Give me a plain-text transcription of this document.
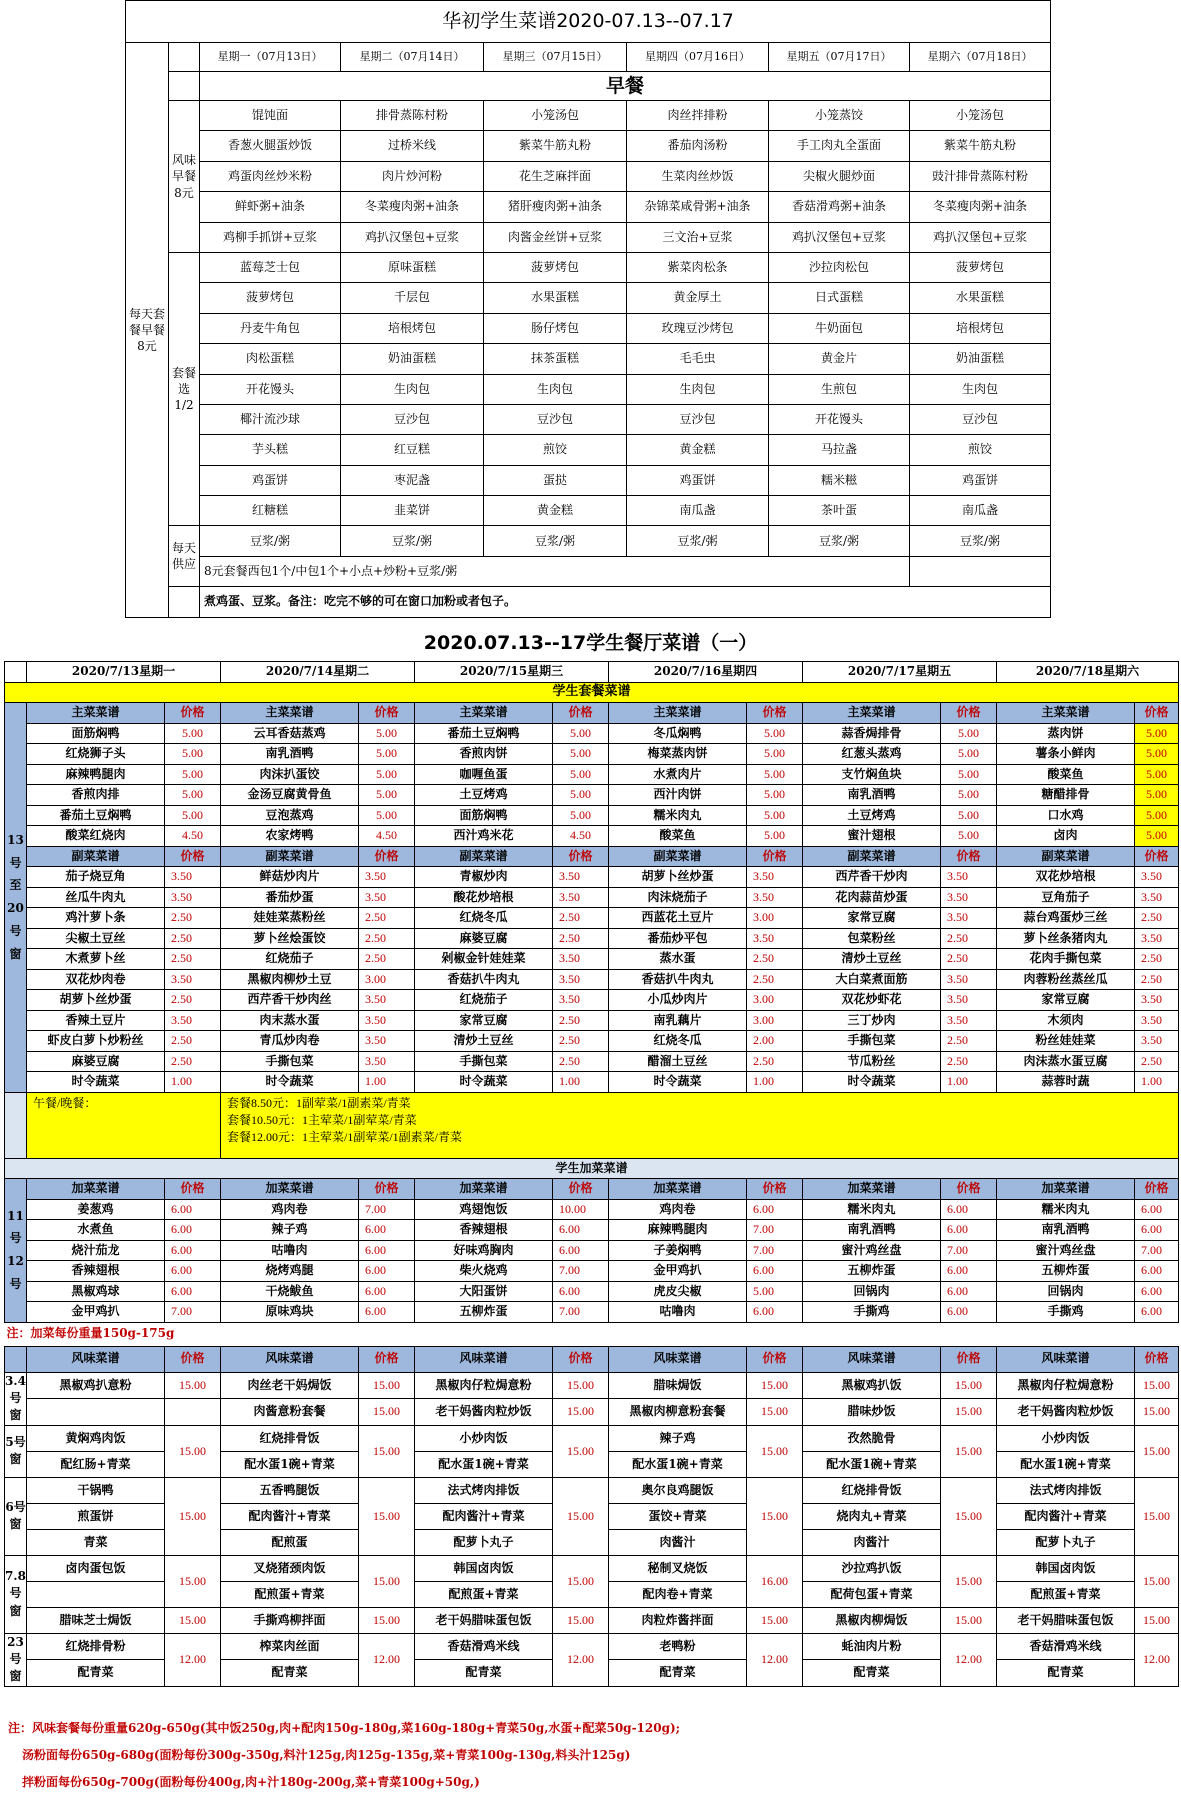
华初学生菜谱2020-07.13--07.17							
每天套餐早餐8元		星期一（07月13日）	星期二（07月14日）	星期三（07月15日）	星期四（07月16日）	星期五（07月17日）	星期六（07月18日）
		早餐					
	风味早餐8元	馄饨面	排骨蒸陈村粉	小笼汤包	肉丝拌排粉	小笼蒸饺	小笼汤包
		香葱火腿蛋炒饭	过桥米线	紫菜牛筋丸粉	番茄肉汤粉	手工肉丸全蛋面	紫菜牛筋丸粉
		鸡蛋肉丝炒米粉	肉片炒河粉	花生芝麻拌面	生菜肉丝炒饭	尖椒火腿炒面	豉汁排骨蒸陈村粉
		鲜虾粥+油条	冬菜瘦肉粥+油条	猪肝瘦肉粥+油条	杂锦菜咸骨粥+油条	香菇滑鸡粥+油条	冬菜瘦肉粥+油条
		鸡柳手抓饼+豆浆	鸡扒汉堡包+豆浆	肉酱金丝饼+豆浆	三文治+豆浆	鸡扒汉堡包+豆浆	鸡扒汉堡包+豆浆
	套餐选1/2	蓝莓芝士包	原味蛋糕	菠萝烤包	紫菜肉松条	沙拉肉松包	菠萝烤包
		菠萝烤包	千层包	水果蛋糕	黄金厚土	日式蛋糕	水果蛋糕
		丹麦牛角包	培根烤包	肠仔烤包	玫瑰豆沙烤包	牛奶面包	培根烤包
		肉松蛋糕	奶油蛋糕	抹茶蛋糕	毛毛虫	黄金片	奶油蛋糕
		开花馒头	生肉包	生肉包	生肉包	生煎包	生肉包
		椰汁流沙球	豆沙包	豆沙包	豆沙包	开花馒头	豆沙包
		芋头糕	红豆糕	煎饺	黄金糕	马拉盏	煎饺
		鸡蛋饼	枣泥盏	蛋挞	鸡蛋饼	糯米糍	鸡蛋饼
		红糖糕	韭菜饼	黄金糕	南瓜盏	茶叶蛋	南瓜盏
	每天供应	豆浆/粥	豆浆/粥	豆浆/粥	豆浆/粥	豆浆/粥	豆浆/粥
		8元套餐西包1个/中包1个+小点+炒粉+豆浆/粥					
		煮鸡蛋、豆浆。备注：吃完不够的可在窗口加粉或者包子。					
2020.07.13--17学生餐厅菜谱（一）
	2020/7/13星期一		2020/7/14星期二		2020/7/15星期三		2020/7/16星期四		2020/7/17星期五		2020/7/18星期六	
学生套餐菜谱												
13号至20号窗	主菜菜谱	价格	主菜菜谱	价格	主菜菜谱	价格	主菜菜谱	价格	主菜菜谱	价格	主菜菜谱	价格
	面筋焖鸭	5.00	云耳香菇蒸鸡	5.00	番茄土豆焖鸭	5.00	冬瓜焖鸭	5.00	蒜香焗排骨	5.00	蒸肉饼	5.00
	红烧狮子头	5.00	南乳酒鸭	5.00	香煎肉饼	5.00	梅菜蒸肉饼	5.00	红葱头蒸鸡	5.00	薯条小鲜肉	5.00
	麻辣鸭腿肉	5.00	肉沫扒蛋饺	5.00	咖喱鱼蛋	5.00	水煮肉片	5.00	支竹焖鱼块	5.00	酸菜鱼	5.00
	香煎肉排	5.00	金汤豆腐黄骨鱼	5.00	土豆烤鸡	5.00	西汁肉饼	5.00	南乳酒鸭	5.00	糖醋排骨	5.00
	番茄土豆焖鸭	5.00	豆泡蒸鸡	5.00	面筋焖鸭	5.00	糯米肉丸	5.00	土豆烤鸡	5.00	口水鸡	5.00
	酸菜红烧肉	4.50	农家烤鸭	4.50	西汁鸡米花	4.50	酸菜鱼	5.00	蜜汁翅根	5.00	卤肉	5.00
	副菜菜谱	价格	副菜菜谱	价格	副菜菜谱	价格	副菜菜谱	价格	副菜菜谱	价格	副菜菜谱	价格
	茄子烧豆角	3.50	鲜菇炒肉片	3.50	青椒炒肉	3.50	胡萝卜丝炒蛋	3.50	西芹香干炒肉	3.50	双花炒培根	3.50
	丝瓜牛肉丸	3.50	番茄炒蛋	3.50	酸花炒培根	3.50	肉沫烧茄子	3.50	花肉蒜苗炒蛋	3.50	豆角茄子	3.50
	鸡汁萝卜条	2.50	娃娃菜蒸粉丝	2.50	红烧冬瓜	2.50	西蓝花土豆片	3.00	家常豆腐	3.50	蒜台鸡蛋炒三丝	2.50
	尖椒土豆丝	2.50	萝卜丝烩蛋饺	2.50	麻婆豆腐	2.50	番茄炒平包	3.50	包菜粉丝	2.50	萝卜丝条猪肉丸	3.50
	木煮萝卜丝	2.50	红烧茄子	2.50	剁椒金针娃娃菜	3.50	蒸水蛋	2.50	清炒土豆丝	2.50	花肉手撕包菜	2.50
	双花炒肉卷	3.50	黑椒肉柳炒土豆	3.00	香菇扒牛肉丸	3.50	香菇扒牛肉丸	2.50	大白菜煮面筋	3.50	肉蓉粉丝蒸丝瓜	2.50
	胡萝卜丝炒蛋	2.50	西芹香干炒肉丝	3.50	红烧茄子	3.50	小瓜炒肉片	3.00	双花炒虾花	3.50	家常豆腐	3.50
	香辣土豆片	3.50	肉末蒸水蛋	3.50	家常豆腐	2.50	南乳藕片	3.00	三丁炒肉	3.50	木须肉	3.50
	虾皮白萝卜炒粉丝	2.50	青瓜炒肉卷	3.50	清炒土豆丝	2.50	红烧冬瓜	2.00	手撕包菜	2.50	粉丝娃娃菜	3.50
	麻婆豆腐	2.50	手撕包菜	3.50	手撕包菜	2.50	醋溜土豆丝	2.50	节瓜粉丝	2.50	肉沫蒸水蛋豆腐	2.50
	时令蔬菜	1.00	时令蔬菜	1.00	时令蔬菜	1.00	时令蔬菜	1.00	时令蔬菜	1.00	蒜蓉时蔬	1.00
	午餐/晚餐：		套餐8.50元：1副荤菜/1副素菜/青菜
套餐10.50元：1主荤菜/1副荤菜/青菜
套餐12.00元：1主荤菜/1副荤菜/1副素菜/青菜									

学生加菜菜谱												
11号12号	加菜菜谱	价格	加菜菜谱	价格	加菜菜谱	价格	加菜菜谱	价格	加菜菜谱	价格	加菜菜谱	价格
	姜葱鸡	6.00	鸡肉卷	7.00	鸡翅饱饭	10.00	鸡肉卷	6.00	糯米肉丸	6.00	糯米肉丸	6.00
	水煮鱼	6.00	辣子鸡	6.00	香辣翅根	6.00	麻辣鸭腿肉	7.00	南乳酒鸭	6.00	南乳酒鸭	6.00
	烧汁茄龙	6.00	咕噜肉	6.00	好味鸡胸肉	6.00	子姜焖鸭	7.00	蜜汁鸡丝盘	7.00	蜜汁鸡丝盘	7.00
	香辣翅根	6.00	烧烤鸡腿	6.00	柴火烧鸡	7.00	金甲鸡扒	6.00	五柳炸蛋	6.00	五柳炸蛋	6.00
	黑椒鸡球	6.00	干烧鲅鱼	6.00	大阳蛋饼	6.00	虎皮尖椒	5.00	回锅肉	6.00	回锅肉	6.00
	金甲鸡扒	7.00	原味鸡块	6.00	五柳炸蛋	7.00	咕噜肉	6.00	手撕鸡	6.00	手撕鸡	6.00
注：加菜每份重量150g-175g												
	风味菜谱	价格	风味菜谱	价格	风味菜谱	价格	风味菜谱	价格	风味菜谱	价格	风味菜谱	价格
3.4号窗	黑椒鸡扒意粉	15.00	肉丝老干妈焗饭	15.00	黑椒肉仔粒焗意粉	15.00	腊味焗饭	15.00	黑椒鸡扒饭	15.00	黑椒肉仔粒焗意粉	15.00
			肉酱意粉套餐	15.00	老干妈酱肉粒炒饭	15.00	黑椒肉柳意粉套餐	15.00	腊味炒饭	15.00	老干妈酱肉粒炒饭	15.00
5号窗	黄焖鸡肉饭	15.00	红烧排骨饭	15.00	小炒肉饭	15.00	辣子鸡	15.00	孜然脆骨	15.00	小炒肉饭	15.00
	配红肠+青菜		配水蛋1碗+青菜		配水蛋1碗+青菜		配水蛋1碗+青菜		配水蛋1碗+青菜		配水蛋1碗+青菜	
6号窗	干锅鸭	15.00	五香鸭腿饭	15.00	法式烤肉排饭	15.00	奥尔良鸡腿饭	15.00	红烧排骨饭	15.00	法式烤肉排饭	15.00
	煎蛋饼		配肉酱汁+青菜		配肉酱汁+青菜		蛋饺+青菜		烧肉丸+青菜		配肉酱汁+青菜	
	青菜		配煎蛋		配萝卜丸子		肉酱汁		肉酱汁		配萝卜丸子	
7.8号窗	卤肉蛋包饭	15.00	叉烧猪颈肉饭	15.00	韩国卤肉饭	15.00	秘制叉烧饭	16.00	沙拉鸡扒饭	15.00	韩国卤肉饭	15.00
			配煎蛋+青菜		配煎蛋+青菜		配肉卷+青菜		配荷包蛋+青菜		配煎蛋+青菜	
	腊味芝士焗饭	15.00	手撕鸡柳拌面	15.00	老干妈腊味蛋包饭	15.00	肉粒炸酱拌面	15.00	黑椒肉柳焗饭	15.00	老干妈腊味蛋包饭	15.00
23号窗	红烧排骨粉	12.00	榨菜肉丝面	12.00	香菇滑鸡米线	12.00	老鸭粉	12.00	蚝油肉片粉	12.00	香菇滑鸡米线	12.00
	配青菜		配青菜		配青菜		配青菜		配青菜		配青菜	
注：风味套餐每份重量620g-650g(其中饭250g,肉+配肉150g-180g,菜160g-180g+青菜50g,水蛋+配菜50g-120g);
汤粉面每份650g-680g(面粉每份300g-350g,料汁125g,肉125g-135g,菜+青菜100g-130g,料头汁125g)
拌粉面每份650g-700g(面粉每份400g,肉+汁180g-200g,菜+青菜100g+50g,)
